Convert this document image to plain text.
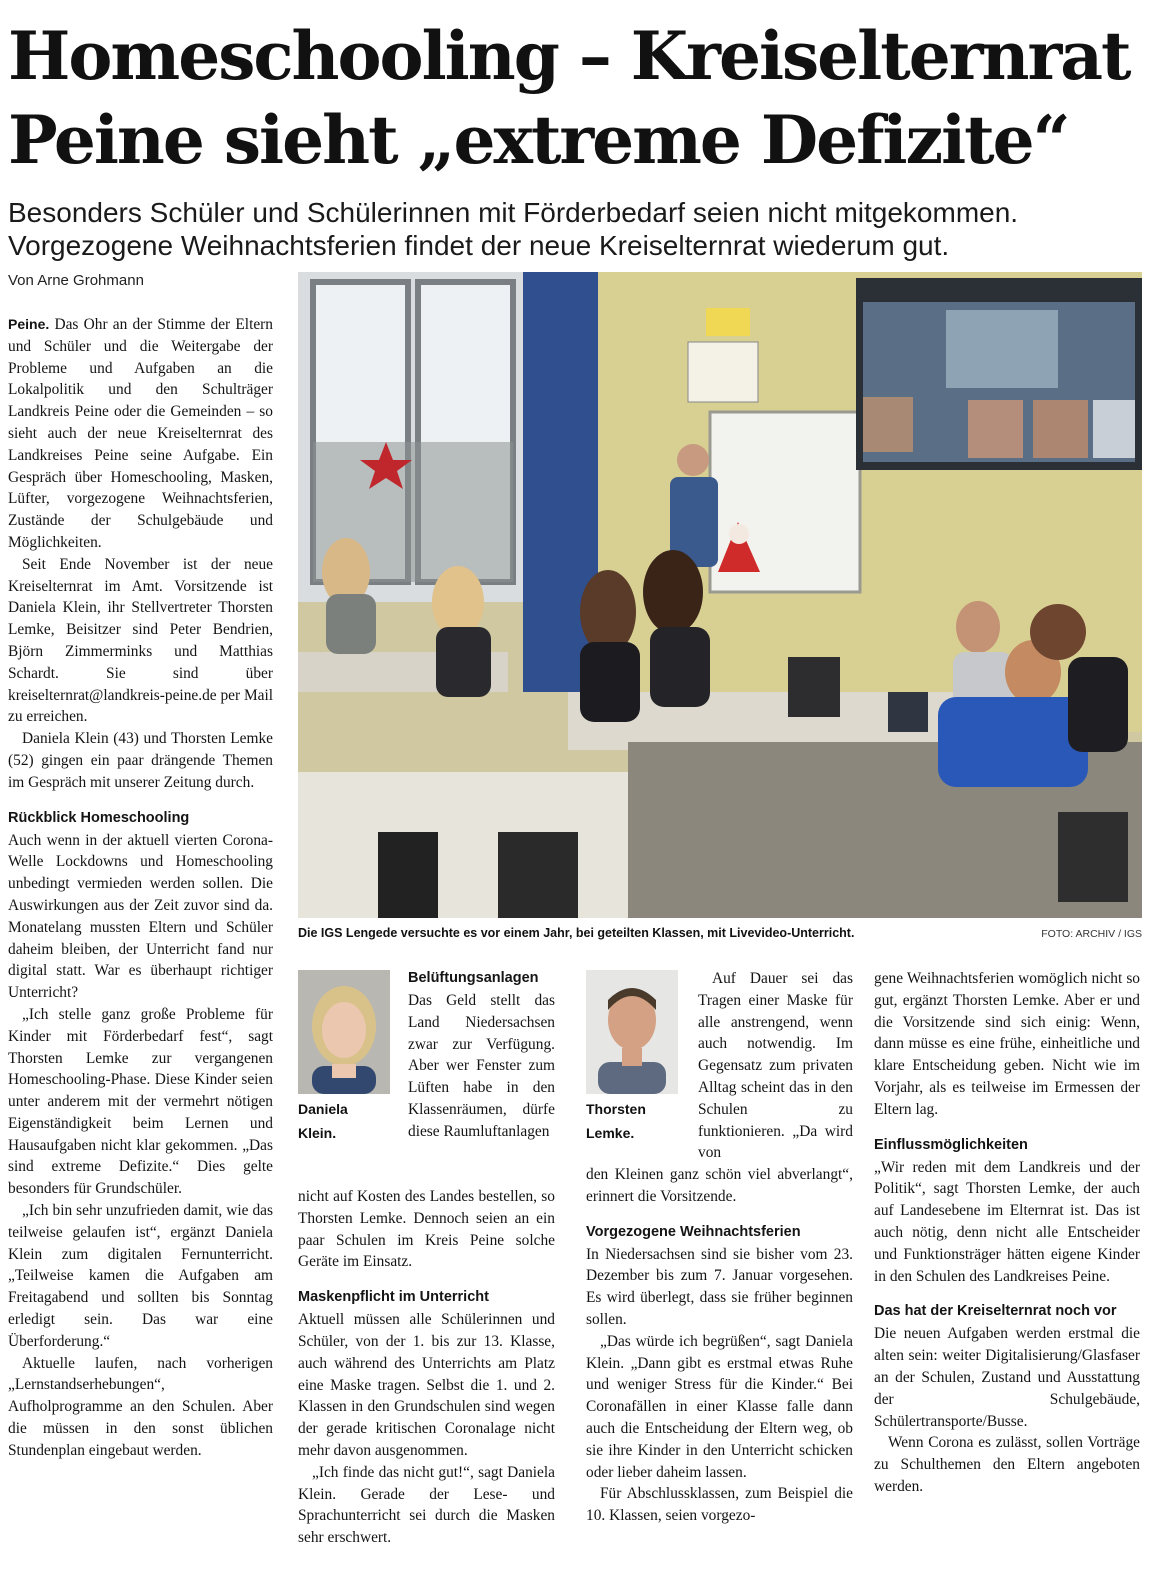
Homeschooling – Kreiselternrat
Peine sieht „extreme Defizite“
Besonders Schüler und Schülerinnen mit Förderbedarf seien nicht mitgekommen.
Vorgezogene Weihnachtsferien findet der neue Kreiselternrat wiederum gut.
Von Arne Grohmann

Peine. Das Ohr an der Stimme der Eltern und Schüler und die Weitergabe der Probleme und Aufgaben an die Lokalpolitik und den Schulträger Landkreis Peine oder die Gemeinden – so sieht auch der neue Kreiselternrat des Landkreises Peine seine Aufgabe. Ein Gespräch über Homeschooling, Masken, Lüfter, vorgezogene Weihnachtsferien, Zustände der Schulgebäude und Möglichkeiten.

Seit Ende November ist der neue Kreiselternrat im Amt. Vorsitzende ist Daniela Klein, ihr Stellvertreter Thorsten Lemke, Beisitzer sind Peter Bendrien, Björn Zimmerminks und Matthias Schardt. Sie sind über kreiselternrat@landkreis-peine.de per Mail zu erreichen.

Daniela Klein (43) und Thorsten Lemke (52) gingen ein paar drängende Themen im Gespräch mit unserer Zeitung durch.

Rückblick Homeschooling

Auch wenn in der aktuell vierten Corona-Welle Lockdowns und Homeschooling unbedingt vermieden werden sollen. Die Auswirkungen aus der Zeit zuvor sind da. Monatelang mussten Eltern und Schüler daheim bleiben, der Unterricht fand nur digital statt. War es überhaupt richtiger Unterricht?

„Ich stelle ganz große Probleme für Kinder mit Förderbedarf fest“, sagt Thorsten Lemke zur vergangenen Homeschooling-Phase. Diese Kinder seien unter anderem mit der vermehrt nötigen Eigenständigkeit beim Lernen und Hausaufgaben nicht klar gekommen. „Das sind extreme Defizite.“ Dies gelte besonders für Grundschüler.

„Ich bin sehr unzufrieden damit, wie das teilweise gelaufen ist“, ergänzt Daniela Klein zum digitalen Fernunterricht. „Teilweise kamen die Aufgaben am Freitagabend und sollten bis Sonntag erledigt sein. Das war eine Überforderung.“

Aktuelle laufen, nach vorherigen „Lernstandserhebungen“, Aufholprogramme an den Schulen. Aber die müssen in den sonst üblichen Stundenplan eingebaut werden.

Die IGS Lengede versuchte es vor einem Jahr, bei geteilten Klassen, mit Livevideo-Unterricht.	FOTO: ARCHIV / IGS
Daniela
Klein.
Belüftungsanlagen

Das Geld stellt das Land Niedersachsen zwar zur Verfügung. Aber wer Fenster zum Lüften habe in den Klassenräumen, dürfe diese Raumluftanlagen

nicht auf Kosten des Landes bestellen, so Thorsten Lemke. Dennoch seien an ein paar Schulen im Kreis Peine solche Geräte im Einsatz.

Maskenpflicht im Unterricht

Aktuell müssen alle Schülerinnen und Schüler, von der 1. bis zur 13. Klasse, auch während des Unterrichts am Platz eine Maske tragen. Selbst die 1. und 2. Klassen in den Grundschulen sind wegen der gerade kritischen Coronalage nicht mehr davon ausgenommen.

„Ich finde das nicht gut!“, sagt Daniela Klein. Gerade der Lese- und Sprachunterricht sei durch die Masken sehr erschwert.

Thorsten
Lemke.

Auf Dauer sei das Tragen einer Maske für alle anstrengend, wenn auch notwendig. Im Gegensatz zum privaten Alltag scheint das in den Schulen zu funktionieren. „Da wird von

den Kleinen ganz schön viel abverlangt“, erinnert die Vorsitzende.

Vorgezogene Weihnachtsferien

In Niedersachsen sind sie bisher vom 23. Dezember bis zum 7. Januar vorgesehen. Es wird überlegt, dass sie früher beginnen sollen.

„Das würde ich begrüßen“, sagt Daniela Klein. „Dann gibt es erstmal etwas Ruhe und weniger Stress für die Kinder.“ Bei Coronafällen in einer Klasse falle dann auch die Entscheidung der Eltern weg, ob sie ihre Kinder in den Unterricht schicken oder lieber daheim lassen.

Für Abschlussklassen, zum Beispiel die 10. Klassen, seien vorgezo-

gene Weihnachtsferien womöglich nicht so gut, ergänzt Thorsten Lemke. Aber er und die Vorsitzende sind sich einig: Wenn, dann müsse es eine frühe, einheitliche und klare Entscheidung geben. Nicht wie im Vorjahr, als es teilweise im Ermessen der Eltern lag.

Einflussmöglichkeiten

„Wir reden mit dem Landkreis und der Politik“, sagt Thorsten Lemke, der auch auf Landesebene im Elternrat ist. Das ist auch nötig, denn nicht alle Entscheider und Funktionsträger hätten eigene Kinder in den Schulen des Landkreises Peine.

Das hat der Kreiselternrat noch vor

Die neuen Aufgaben werden erstmal die alten sein: weiter Digitalisierung/Glasfaser an der Schulen, Zustand und Ausstattung der Schulgebäude, Schülertransporte/Busse.

Wenn Corona es zulässt, sollen Vorträge zu Schulthemen den Eltern angeboten werden.
